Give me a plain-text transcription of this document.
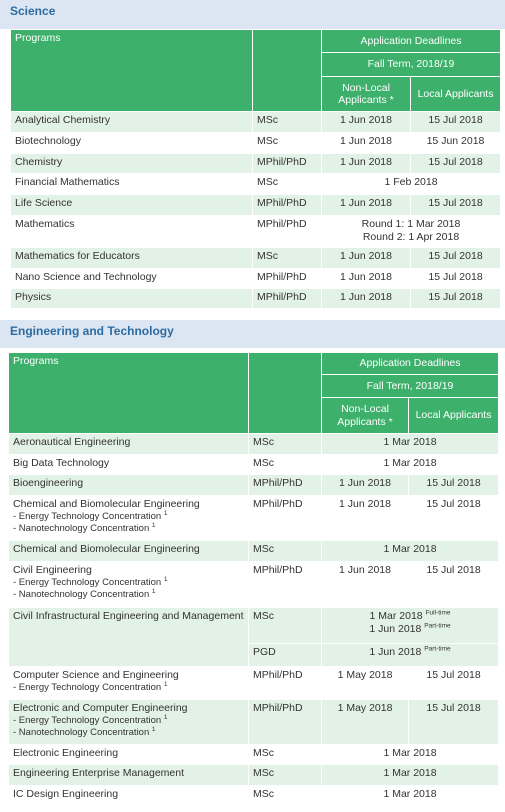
Science
Programs		Application Deadlines	
		Fall Term, 2018/19	
		Non-Local Applicants *	Local Applicants
Analytical Chemistry	MSc	1 Jun 2018	15 Jul 2018
Biotechnology	MSc	1 Jun 2018	15 Jun 2018
Chemistry	MPhil/PhD	1 Jun 2018	15 Jul 2018
Financial Mathematics	MSc	1 Feb 2018	
Life Science	MPhil/PhD	1 Jun 2018	15 Jul 2018
Mathematics	MPhil/PhD	Round 1: 1 Mar 2018
Round 2: 1 Apr 2018	

Mathematics for Educators	MSc	1 Jun 2018	15 Jul 2018
Nano Science and Technology	MPhil/PhD	1 Jun 2018	15 Jul 2018
Physics	MPhil/PhD	1 Jun 2018	15 Jul 2018
Engineering and Technology
Programs		Application Deadlines	
		Fall Term, 2018/19	
		Non-Local Applicants *	Local Applicants
Aeronautical Engineering	MSc	1 Mar 2018	
Big Data Technology	MSc	1 Mar 2018	
Bioengineering	MPhil/PhD	1 Jun 2018	15 Jul 2018

Chemical and Biomolecular Engineering
- Energy Technology Concentration $^1$
- Nanotechnology Concentration $^1$	MPhil/PhD	1 Jun 2018	15 Jul 2018
Chemical and Biomolecular Engineering	MSc	1 Mar 2018	

Civil Engineering
- Energy Technology Concentration $^1$
- Nanotechnology Concentration $^1$	MPhil/PhD	1 Jun 2018	15 Jul 2018
Civil Infrastructural Engineering and Management	MSc	1 Mar 2018 $^{Full-time}$
1 Jun 2018 $^{Part-time}$

	PGD	1 Jun 2018 $^{Part-time}$

Computer Science and Engineering
- Energy Technology Concentration $^1$	MPhil/PhD	1 May 2018	15 Jul 2018

Electronic and Computer Engineering
- Energy Technology Concentration $^1$
- Nanotechnology Concentration $^1$	MPhil/PhD	1 May 2018	15 Jul 2018
Electronic Engineering	MSc	1 Mar 2018	
Engineering Enterprise Management	MSc	1 Mar 2018	
IC Design Engineering	MSc	1 Mar 2018	
